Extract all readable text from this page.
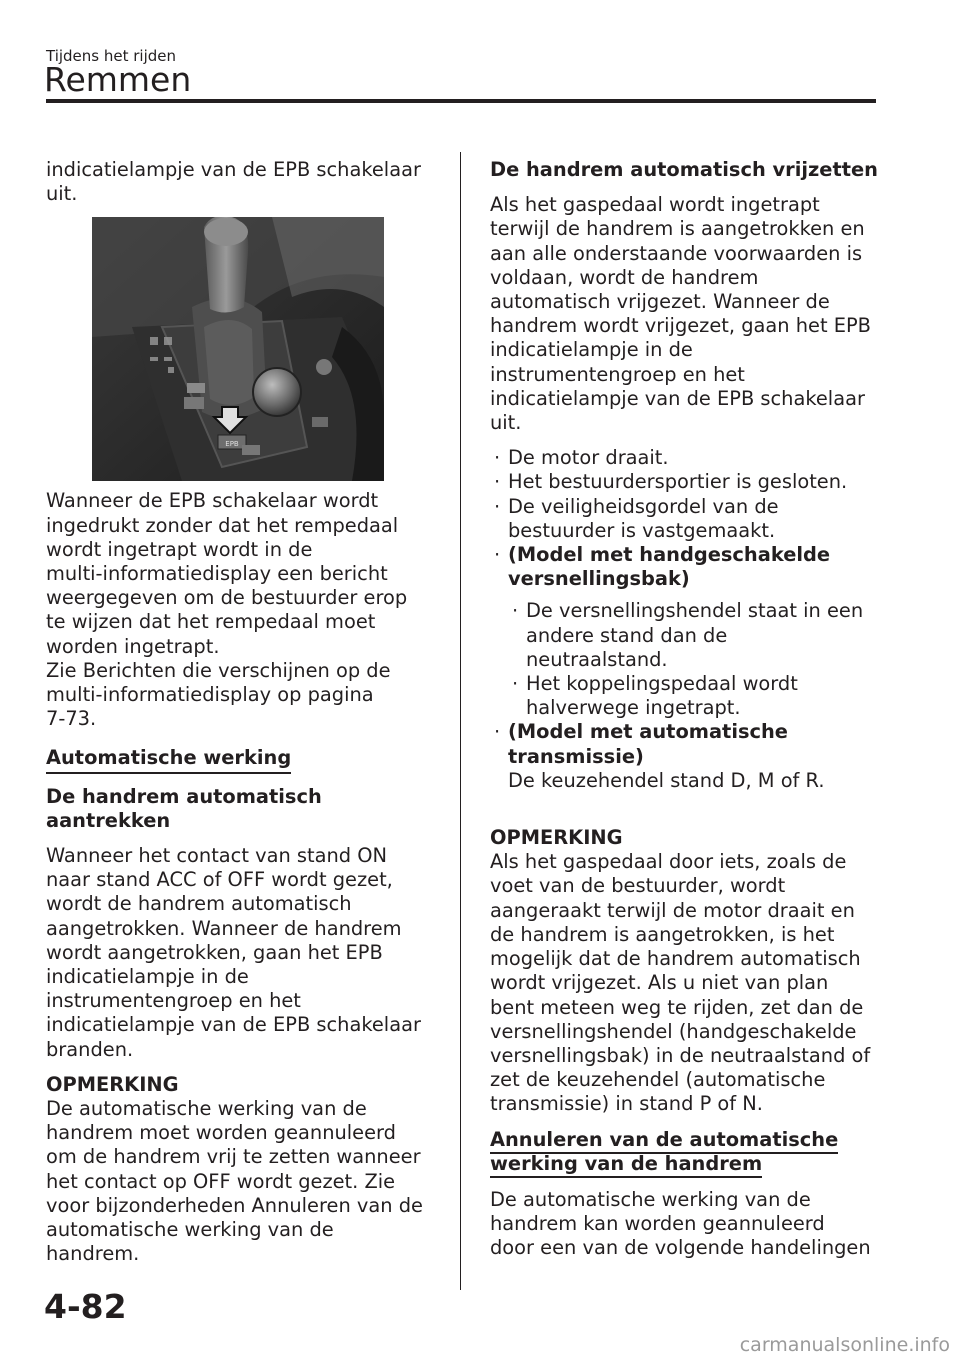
Tijdens het rijden
Remmen

indicatielampje van de EPB schakelaar
uit.

EPB

Wanneer de EPB schakelaar wordt
ingedrukt zonder dat het rempedaal
wordt ingetrapt wordt in de
multi-informatiedisplay een bericht
weergegeven om de bestuurder erop
te wijzen dat het rempedaal moet
worden ingetrapt.
Zie Berichten die verschijnen op de
multi-informatiedisplay op pagina
7-73.

Automatische werking

De handrem automatisch aantrekken

Wanneer het contact van stand ON
naar stand ACC of OFF wordt gezet,
wordt de handrem automatisch
aangetrokken. Wanneer de handrem
wordt aangetrokken, gaan het EPB
indicatielampje in de
instrumentengroep en het
indicatielampje van de EPB schakelaar
branden.

OPMERKING

De automatische werking van de
handrem moet worden geannuleerd
om de handrem vrij te zetten wanneer
het contact op OFF wordt gezet. Zie
voor bijzonderheden Annuleren van de
automatische werking van de
handrem.

De handrem automatisch vrijzetten

Als het gaspedaal wordt ingetrapt
terwijl de handrem is aangetrokken en
aan alle onderstaande voorwaarden is
voldaan, wordt de handrem
automatisch vrijgezet. Wanneer de
handrem wordt vrijgezet, gaan het EPB
indicatielampje in de
instrumentengroep en het
indicatielampje van de EPB schakelaar
uit.

· De motor draait.
· Het bestuurdersportier is gesloten.
· De veiligheidsgordel van de
bestuurder is vastgemaakt.
· (Model met handgeschakelde
versnellingsbak)
· De versnellingshendel staat in een
andere stand dan de
neutraalstand.
· Het koppelingspedaal wordt
halverwege ingetrapt.
· (Model met automatische
transmissie)
De keuzehendel stand D, M of R.

OPMERKING

Als het gaspedaal door iets, zoals de
voet van de bestuurder, wordt
aangeraakt terwijl de motor draait en
de handrem is aangetrokken, is het
mogelijk dat de handrem automatisch
wordt vrijgezet. Als u niet van plan
bent meteen weg te rijden, zet dan de
versnellingshendel (handgeschakelde
versnellingsbak) in de neutraalstand of
zet de keuzehendel (automatische
transmissie) in stand P of N.

Annuleren van de automatische
werking van de handrem

De automatische werking van de
handrem kan worden geannuleerd
door een van de volgende handelingen

4-82
carmanualsonline.info
